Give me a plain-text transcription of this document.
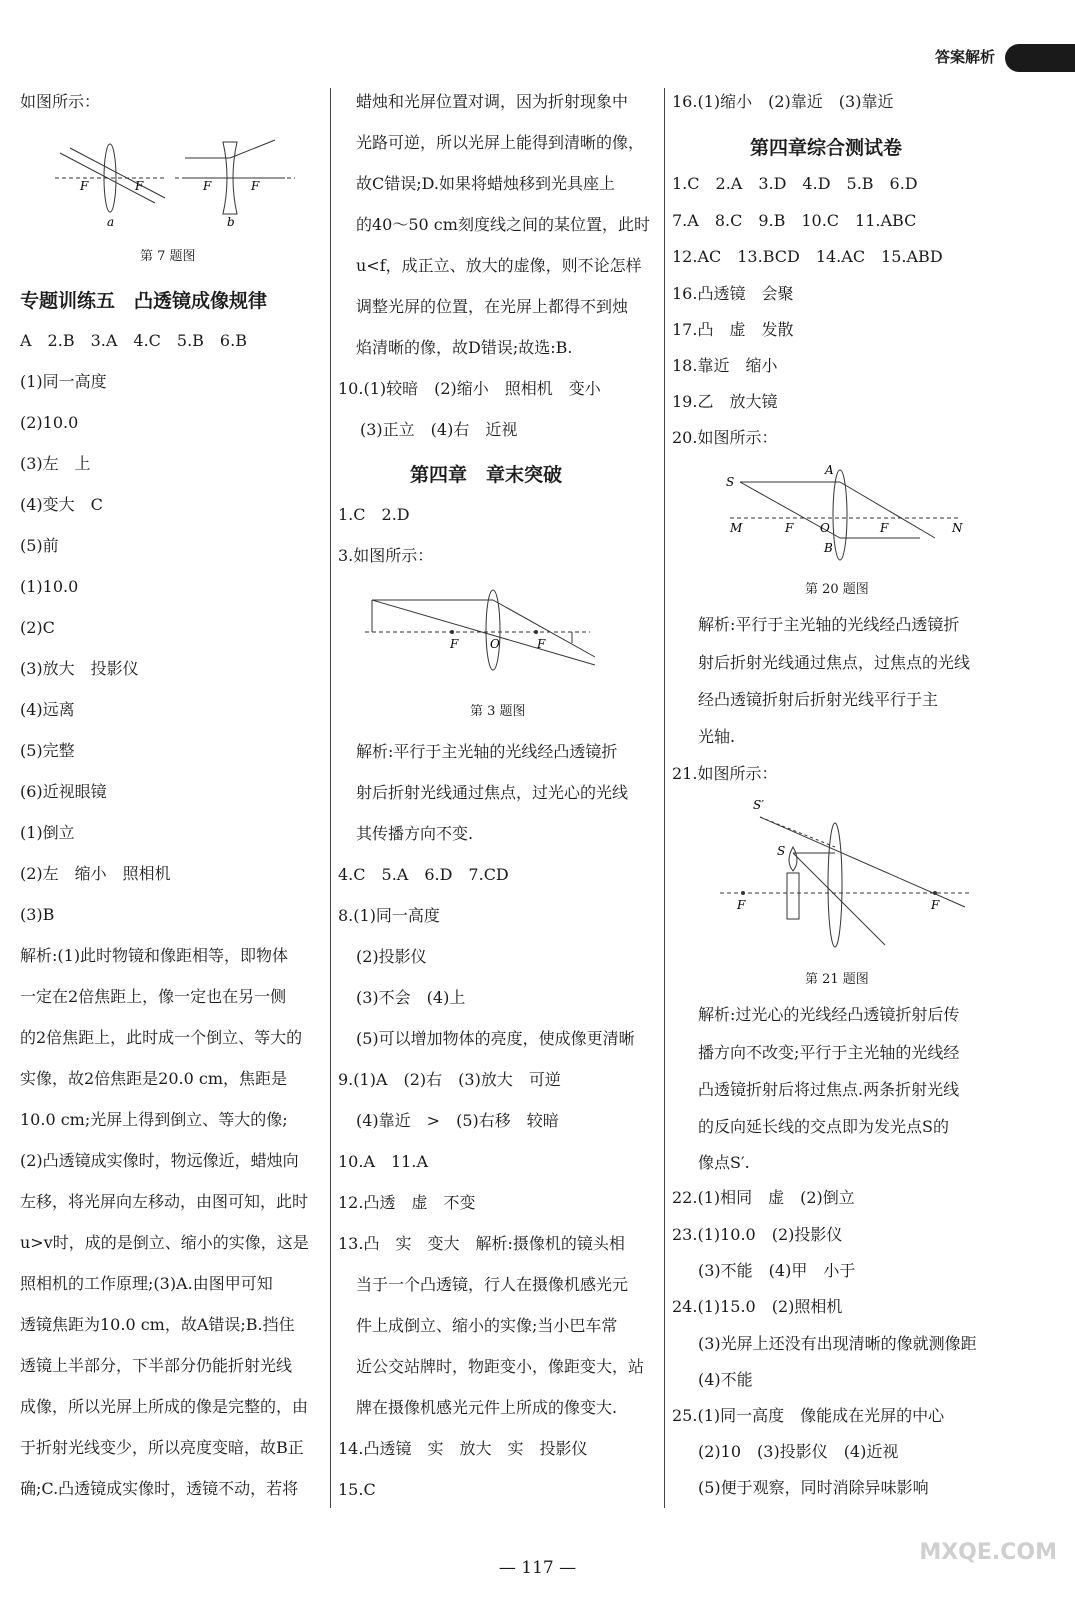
答案解析
如图所示：
F	F
a
F	F
b
第 7 题图
专题训练五　凸透镜成像规律
A　2.B　3.A　4.C　5.B　6.B
(1)同一高度
(2)10.0
(3)左　上
(4)变大　C
(5)前
(1)10.0
(2)C
(3)放大　投影仪
(4)远离
(5)完整
(6)近视眼镜
(1)倒立
(2)左　缩小　照相机
(3)B
解析:(1)此时物镜和像距相等，即物体
一定在2倍焦距上，像一定也在另一侧
的2倍焦距上，此时成一个倒立、等大的
实像，故2倍焦距是20.0 cm，焦距是
10.0 cm;光屏上得到倒立、等大的像;
(2)凸透镜成实像时，物远像近，蜡烛向
左移，将光屏向左移动，由图可知，此时
u>v时，成的是倒立、缩小的实像，这是
照相机的工作原理;(3)A.由图甲可知
透镜焦距为10.0 cm，故A错误;B.挡住
透镜上半部分，下半部分仍能折射光线
成像，所以光屏上所成的像是完整的，由
于折射光线变少，所以亮度变暗，故B正
确;C.凸透镜成实像时，透镜不动，若将
蜡烛和光屏位置对调，因为折射现象中
光路可逆，所以光屏上能得到清晰的像，
故C错误;D.如果将蜡烛移到光具座上
的40～50 cm刻度线之间的某位置，此时
u<f，成正立、放大的虚像，则不论怎样
调整光屏的位置，在光屏上都得不到烛
焰清晰的像，故D错误;故选:B.
10.(1)较暗　(2)缩小　照相机　变小
(3)正立　(4)右　近视
第四章　章末突破
1.C　2.D
3.如图所示：
F	O	F
第 3 题图
解析:平行于主光轴的光线经凸透镜折
射后折射光线通过焦点，过光心的光线
其传播方向不变.
4.C　5.A　6.D　7.CD
8.(1)同一高度
(2)投影仪
(3)不会　(4)上
(5)可以增加物体的亮度，使成像更清晰
9.(1)A　(2)右　(3)放大　可逆
(4)靠近　>　(5)右移　较暗
10.A　11.A
12.凸透　虚　不变
13.凸　实　变大　解析:摄像机的镜头相
当于一个凸透镜，行人在摄像机感光元
件上成倒立、缩小的实像;当小巴车常
近公交站牌时，物距变小，像距变大，站
牌在摄像机感光元件上所成的像变大.
14.凸透镜　实　放大　实　投影仪
15.C
16.(1)缩小　(2)靠近　(3)靠近
第四章综合测试卷
1.C　2.A　3.D　4.D　5.B　6.D
7.A　8.C　9.B　10.C　11.ABC
12.AC　13.BCD　14.AC　15.ABD
16.凸透镜　会聚
17.凸　虚　发散
18.靠近　缩小
19.乙　放大镜
20.如图所示：
S
A
B
M	N
F O	F
第 20 题图
解析:平行于主光轴的光线经凸透镜折
射后折射光线通过焦点，过焦点的光线
经凸透镜折射后折射光线平行于主
光轴.
21.如图所示：
S′
S
F	F
第 21 题图
解析:过光心的光线经凸透镜折射后传
播方向不改变;平行于主光轴的光线经
凸透镜折射后将过焦点.两条折射光线
的反向延长线的交点即为发光点S的
像点S′.
22.(1)相同　虚　(2)倒立
23.(1)10.0　(2)投影仪
(3)不能　(4)甲　小于
24.(1)15.0　(2)照相机
(3)光屏上还没有出现清晰的像就测像距
(4)不能
25.(1)同一高度　像能成在光屏的中心
(2)10　(3)投影仪　(4)近视
(5)便于观察，同时消除异味影响
— 117 —
MXQE.COM
